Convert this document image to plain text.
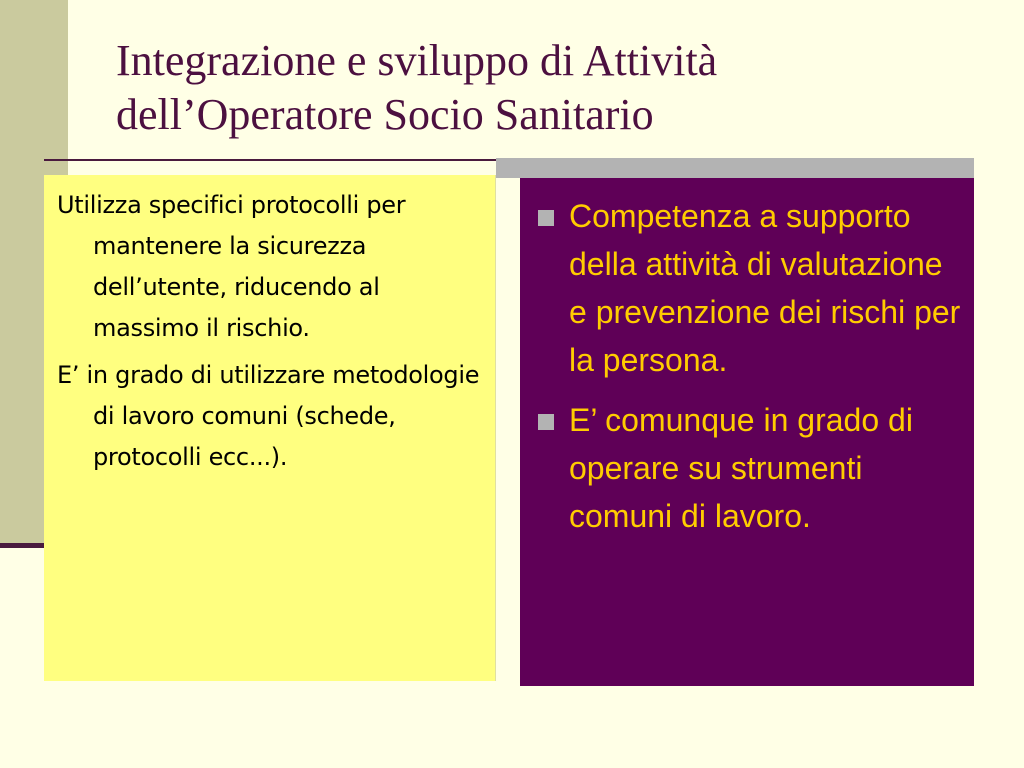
Integrazione e sviluppo di Attività
dell’Operatore Socio Sanitario

Utilizza specifici protocolli per mantenere la sicurezza dell’utente, riducendo al massimo il rischio.

E’ in grado di utilizzare metodologie di lavoro comuni (schede, protocolli ecc...).

Competenza a supporto della attività di valutazione e prevenzione dei rischi per la persona.
E’ comunque in grado di operare su strumenti comuni di lavoro.
